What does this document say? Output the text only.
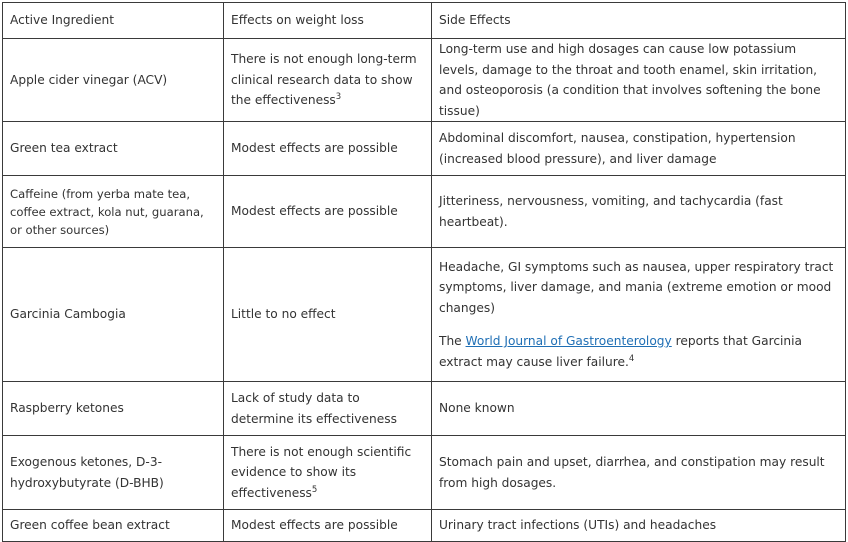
Active Ingredient	Effects on weight loss	Side Effects
Apple cider vinegar (ACV)	There is not enough long-term clinical research data to show the effectiveness$^3$	Long-term use and high dosages can cause low potassium levels, damage to the throat and tooth enamel, skin irritation, and osteoporosis (a condition that involves softening the bone tissue)
Green tea extract	Modest effects are possible	Abdominal discomfort, nausea, constipation, hypertension (increased blood pressure), and liver damage
Caffeine (from yerba mate tea, coffee extract, kola nut, guarana, or other sources)	Modest effects are possible	Jitteriness, nervousness, vomiting, and tachycardia (fast heartbeat).
Garcinia Cambogia	Little to no effect	Headache, GI symptoms such as nausea, upper respiratory tract symptoms, liver damage, and mania (extreme emotion or mood changes)

The World Journal of Gastroenterology reports that Garcinia extract may cause liver failure.$^4$

Raspberry ketones	Lack of study data to determine its effectiveness	None known
Exogenous ketones, D-3-hydroxybutyrate (D-BHB)	There is not enough scientific evidence to show its effectiveness$^5$	Stomach pain and upset, diarrhea, and constipation may result from high dosages.
Green coffee bean extract	Modest effects are possible	Urinary tract infections (UTIs) and headaches
